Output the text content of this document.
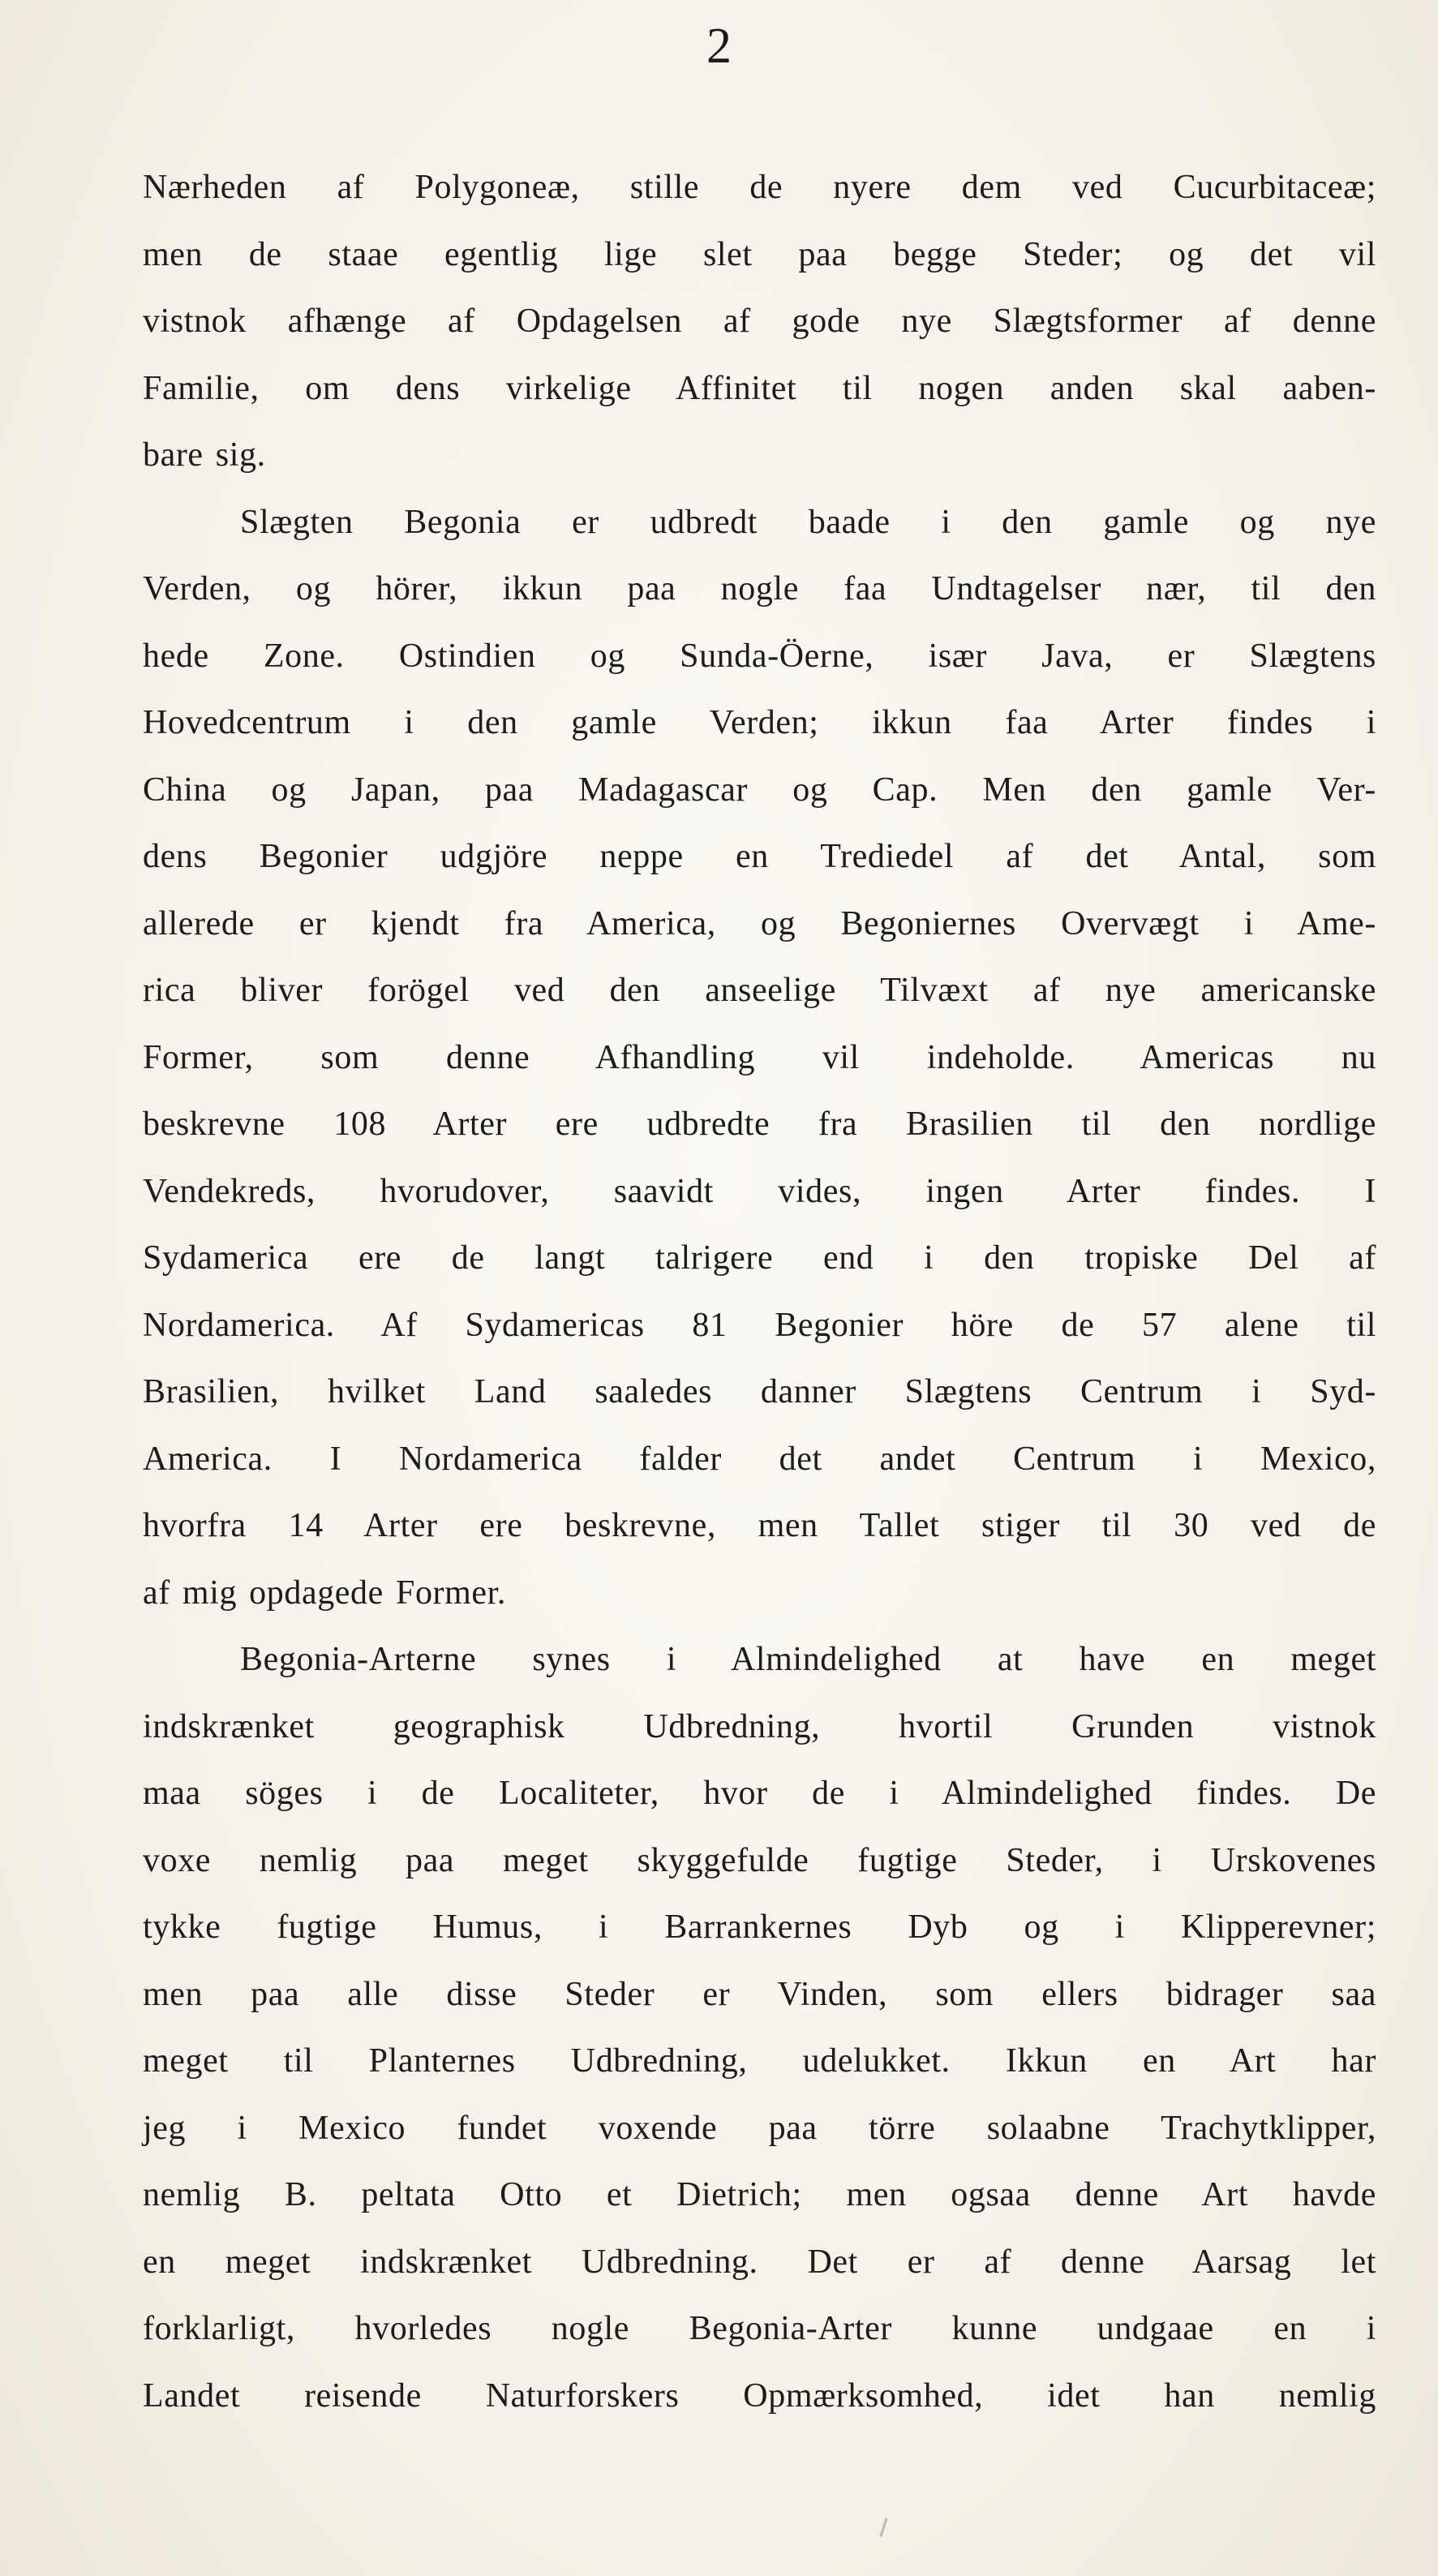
2
Nærheden af Polygoneæ, stille de nyere dem ved Cucurbitaceæ;
men de staae egentlig lige slet paa begge Steder; og det vil
vistnok afhænge af Opdagelsen af gode nye Slægtsformer af denne
Familie, om dens virkelige Affinitet til nogen anden skal aaben-
bare sig.
Slægten Begonia er udbredt baade i den gamle og nye
Verden, og hörer, ikkun paa nogle faa Undtagelser nær, til den
hede Zone. Ostindien og Sunda-Öerne, især Java, er Slægtens
Hovedcentrum i den gamle Verden; ikkun faa Arter findes i
China og Japan, paa Madagascar og Cap. Men den gamle Ver-
dens Begonier udgjöre neppe en Trediedel af det Antal, som
allerede er kjendt fra America, og Begoniernes Overvægt i Ame-
rica bliver forögel ved den anseelige Tilvæxt af nye americanske
Former, som denne Afhandling vil indeholde. Americas nu
beskrevne 108 Arter ere udbredte fra Brasilien til den nordlige
Vendekreds, hvorudover, saavidt vides, ingen Arter findes. I
Sydamerica ere de langt talrigere end i den tropiske Del af
Nordamerica. Af Sydamericas 81 Begonier höre de 57 alene til
Brasilien, hvilket Land saaledes danner Slægtens Centrum i Syd-
America. I Nordamerica falder det andet Centrum i Mexico,
hvorfra 14 Arter ere beskrevne, men Tallet stiger til 30 ved de
af mig opdagede Former.
Begonia-Arterne synes i Almindelighed at have en meget
indskrænket geographisk Udbredning, hvortil Grunden vistnok
maa söges i de Localiteter, hvor de i Almindelighed findes. De
voxe nemlig paa meget skyggefulde fugtige Steder, i Urskovenes
tykke fugtige Humus, i Barrankernes Dyb og i Klipperevner;
men paa alle disse Steder er Vinden, som ellers bidrager saa
meget til Planternes Udbredning, udelukket. Ikkun en Art har
jeg i Mexico fundet voxende paa törre solaabne Trachytklipper,
nemlig B. peltata Otto et Dietrich; men ogsaa denne Art havde
en meget indskrænket Udbredning. Det er af denne Aarsag let
forklarligt, hvorledes nogle Begonia-Arter kunne undgaae en i
Landet reisende Naturforskers Opmærksomhed, idet han nemlig
